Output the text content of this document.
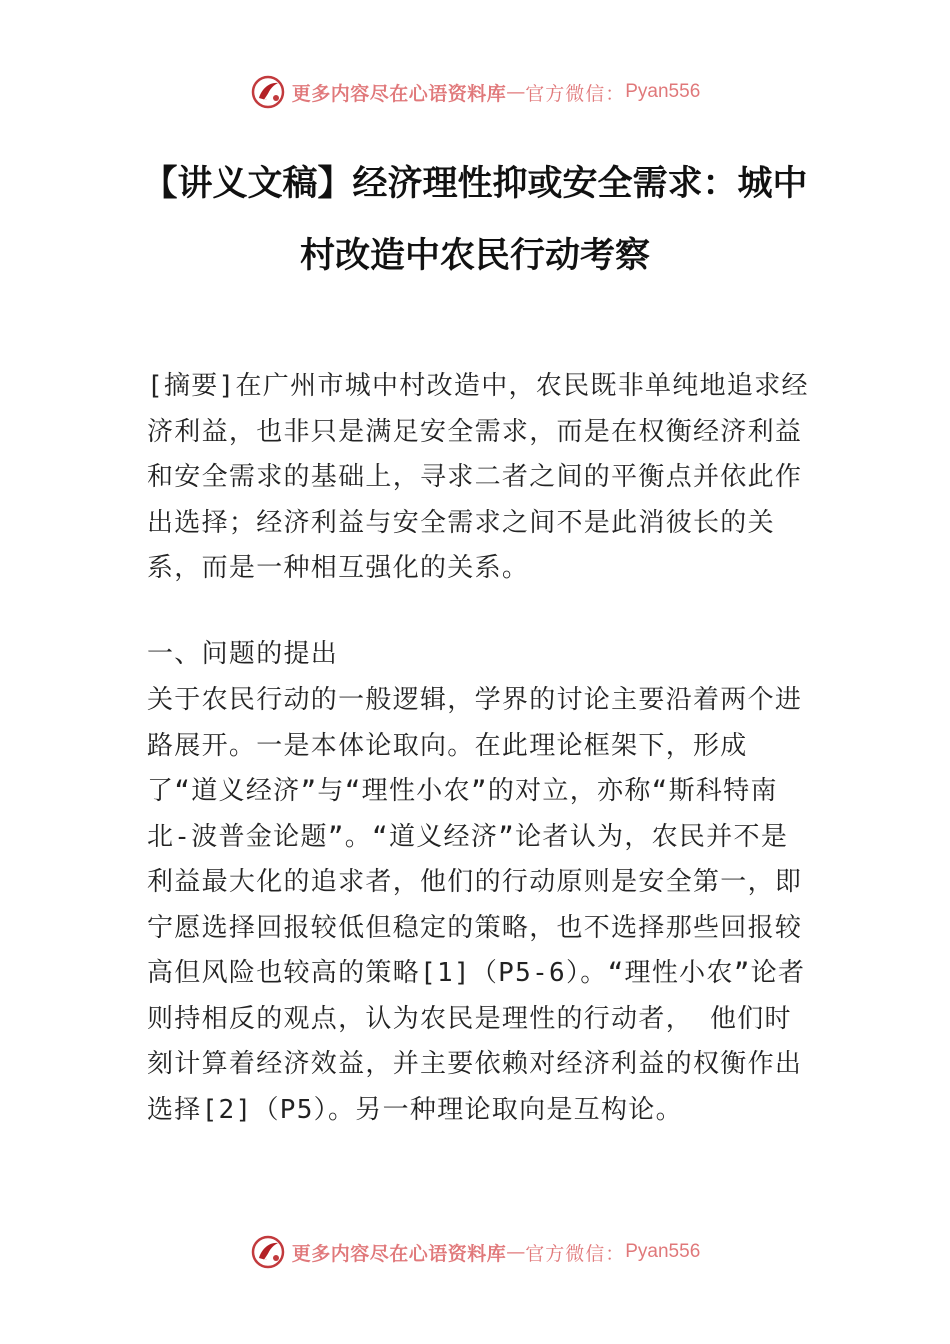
更多内容尽在心语资料库 — 官方微信： Pyan556
【讲义文稿】经济理性抑或安全需求：城中村改造中农民行动考察
[摘要]在广州市城中村改造中，农民既非单纯地追求经济利益，也非只是满足安全需求，而是在权衡经济利益和安全需求的基础上，寻求二者之间的平衡点并依此作出选择；经济利益与安全需求之间不是此消彼长的关系，而是一种相互强化的关系。
一、问题的提出
关于农民行动的一般逻辑，学界的讨论主要沿着两个进路展开。一是本体论取向。在此理论框架下，形成了“道义经济”与“理性小农”的对立，亦称“斯科特南北-波普金论题”。“道义经济”论者认为，农民并不是利益最大化的追求者，他们的行动原则是安全第一，即宁愿选择回报较低但稳定的策略，也不选择那些回报较高但风险也较高的策略[1]（P5-6）。“理性小农”论者则持相反的观点，认为农民是理性的行动者， 他们时刻计算着经济效益，并主要依赖对经济利益的权衡作出选择[2]（P5）。另一种理论取向是互构论。
更多内容尽在心语资料库 — 官方微信： Pyan556
